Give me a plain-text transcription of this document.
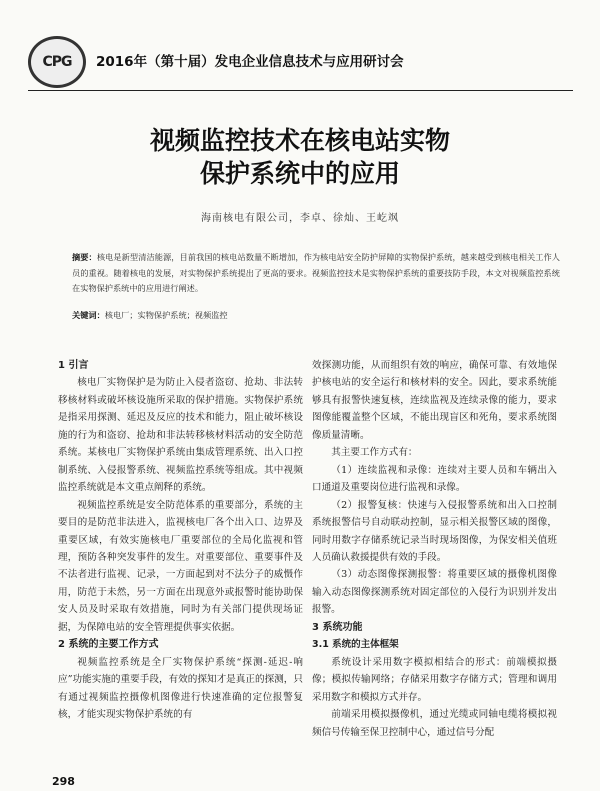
CPG 2016年（第十届）发电企业信息技术与应用研讨会
视频监控技术在核电站实物
保护系统中的应用
海南核电有限公司，李卓、徐灿、王屹飒
摘要：核电是新型清洁能源，目前我国的核电站数量不断增加，作为核电站安全防护屏障的实物保护系统，越来越受到核电相关工作人员的重视。随着核电的发展，对实物保护系统提出了更高的要求。视频监控技术是实物保护系统的重要技防手段，本文对视频监控系统在实物保护系统中的应用进行阐述。
关键词：核电厂；实物保护系统；视频监控
1 引言

核电厂实物保护是为防止入侵者盗窃、抢劫、非法转移核材料或破坏核设施所采取的保护措施。实物保护系统是指采用探测、延迟及反应的技术和能力，阻止破坏核设施的行为和盗窃、抢劫和非法转移核材料活动的安全防范系统。某核电厂实物保护系统由集成管理系统、出入口控制系统、入侵报警系统、视频监控系统等组成。其中视频监控系统就是本文重点阐释的系统。

视频监控系统是安全防范体系的重要部分，系统的主要目的是防范非法进入，监视核电厂各个出入口、边界及重要区域，有效实施核电厂重要部位的全局化监视和管理，预防各种突发事件的发生。对重要部位、重要事件及不法者进行监视、记录，一方面起到对不法分子的威慑作用，防范于未然，另一方面在出现意外或报警时能协助保安人员及时采取有效措施，同时为有关部门提供现场证据，为保障电站的安全管理提供事实依据。

2 系统的主要工作方式

视频监控系统是全厂实物保护系统“探测-延迟-响应”功能实施的重要手段，有效的探知才是真正的探测，只有通过视频监控摄像机图像进行快速准确的定位报警复核，才能实现实物保护系统的有

效探测功能，从而组织有效的响应，确保可靠、有效地保护核电站的安全运行和核材料的安全。因此，要求系统能够具有报警快速复核，连续监视及连续录像的能力，要求图像能覆盖整个区域，不能出现盲区和死角，要求系统图像质量清晰。

其主要工作方式有：

（1）连续监视和录像：连续对主要人员和车辆出入口通道及重要岗位进行监视和录像。

（2）报警复核：快速与入侵报警系统和出入口控制系统报警信号自动联动控制，显示相关报警区域的图像，同时用数字存储系统记录当时现场图像，为保安相关值班人员确认救援提供有效的手段。

（3）动态图像探测报警：将重要区域的摄像机图像输入动态图像探测系统对固定部位的入侵行为识别并发出报警。

3 系统功能
3.1 系统的主体框架

系统设计采用数字模拟相结合的形式：前端模拟摄像；模拟传输网络；存储采用数字存储方式；管理和调用采用数字和模拟方式并存。

前端采用模拟摄像机，通过光缆或同轴电缆将模拟视频信号传输至保卫控制中心，通过信号分配

298
